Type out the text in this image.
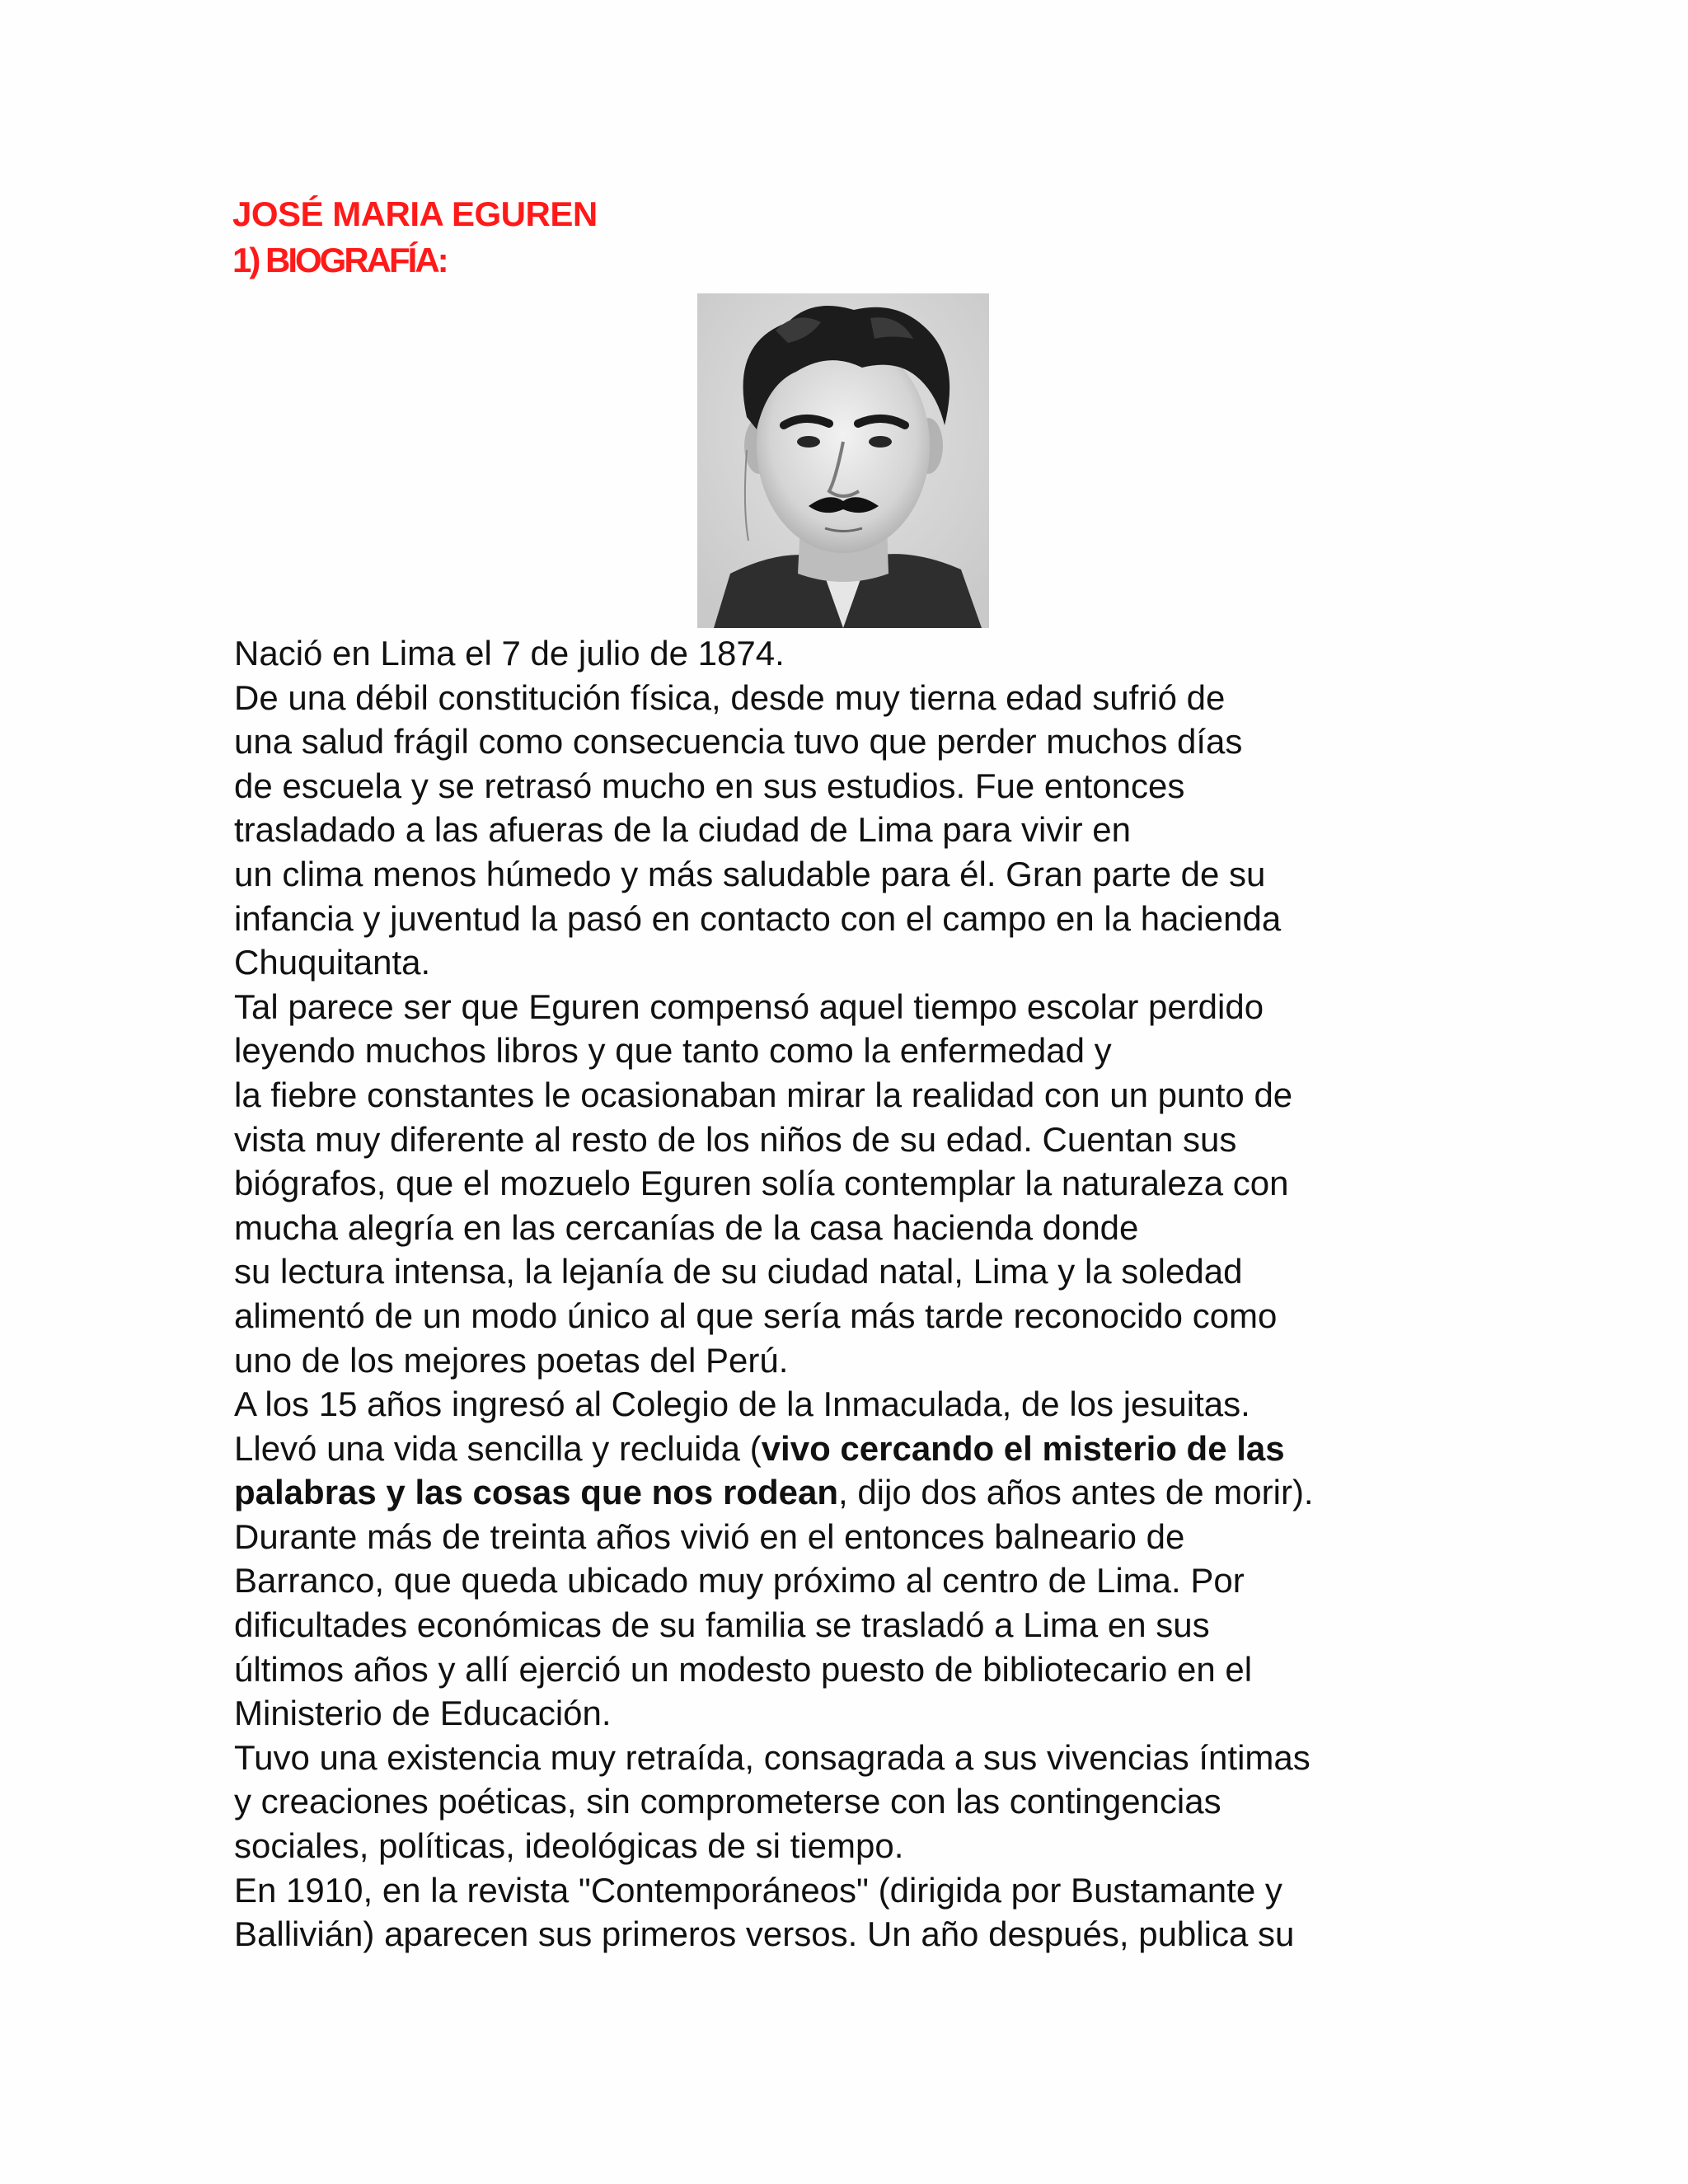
JOSÉ MARIA EGUREN
1) BIOGRAFÍA:
Nació en Lima el 7 de julio de 1874.
De una débil constitución física, desde muy tierna edad sufrió de
una salud frágil como consecuencia tuvo que perder muchos días
de escuela y se retrasó mucho en sus estudios. Fue entonces
trasladado a las afueras de la ciudad de Lima para vivir en
un clima menos húmedo y más saludable para él. Gran parte de su
infancia y juventud la pasó en contacto con el campo en la hacienda
Chuquitanta.
Tal parece ser que Eguren compensó aquel tiempo escolar perdido
leyendo muchos libros y que tanto como la enfermedad y
la fiebre constantes le ocasionaban mirar la realidad con un punto de
vista muy diferente al resto de los niños de su edad. Cuentan sus
biógrafos, que el mozuelo Eguren solía contemplar la naturaleza con
mucha alegría en las cercanías de la casa hacienda donde
su lectura intensa, la lejanía de su ciudad natal, Lima y la soledad
alimentó de un modo único al que sería más tarde reconocido como
uno de los mejores poetas del Perú.
A los 15 años ingresó al Colegio de la Inmaculada, de los jesuitas.
Llevó una vida sencilla y recluida (vivo cercando el misterio de las
palabras y las cosas que nos rodean, dijo dos años antes de morir).
Durante más de treinta años vivió en el entonces balneario de
Barranco, que queda ubicado muy próximo al centro de Lima. Por
dificultades económicas de su familia se trasladó a Lima en sus
últimos años y allí ejerció un modesto puesto de bibliotecario en el
Ministerio de Educación.
Tuvo una existencia muy retraída, consagrada a sus vivencias íntimas
y creaciones poéticas, sin comprometerse con las contingencias
sociales, políticas, ideológicas de si tiempo.
En 1910, en la revista "Contemporáneos" (dirigida por Bustamante y
Ballivián) aparecen sus primeros versos. Un año después, publica su
